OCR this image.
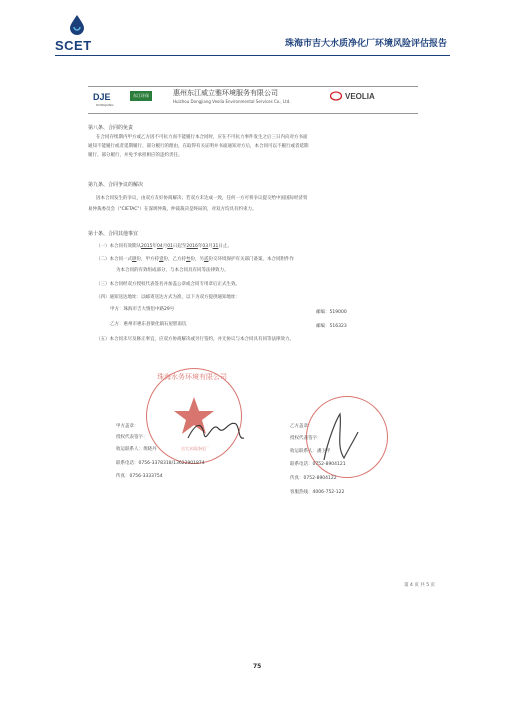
SCET	珠海市吉大水质净化厂环境风险评估报告
DJE
DONGJIANG
东江环保	惠州东江威立雅环境服务有限公司
Huizhou Dongjiang Veolia Environmental Services Co., Ltd.
VEOLIA
第八条、合同的免责
在合同存续期内甲方或乙方因不可抗力而不能履行本合同时，应在不可抗力事件发生之后三日内向对方书面
通知不能履行或者延期履行、部分履行的理由，在取得有关证明并书面通知对方后，本合同可以不履行或者延期
履行、部分履行，并免予承担相应的违约责任。
第九条、合同争议的解决
因本合同发生的争议，由双方友好协商解决；若双方未达成一致，任何一方可将争议提交给中国国际经济贸
易仲裁委员会（"CIETAC"）在深圳仲裁，仲裁裁决是终局的，对双方均具有约束力。
第十条、合同其他事宜
（一）本合同有效期从2015年04月01日起至2016年03月31日止。
（二）本合同一式肆份，甲方持壹份，乙方持叁份，另贰份交环境保护有关部门备案，本合同附件作
为本合同的有效组成部分，与本合同具有同等法律效力。
（三）本合同经双方授权代表签名并加盖公章或合同专用章后正式生效。
（四）通知送达地址：以邮寄送达方式为准，以下为双方提供通知地址：
甲方：珠海市吉大情侣中路29号
邮编：519000
乙方：惠州市惠东县梁化镇石屋胆南坑	邮编：516323
（五）本合同未尽及修正事宜，应双方协商解决或另行签约，并无协议与本合同具有同等法律效力。
珠海水务环境有限公司
吉大水质净化厂
甲方盖章：
授权代表签字：
收运联系人：黄晓丹
联系电话：0756-3378318/13622901874
传真：0756-3333754
乙方盖章：
授权代表签字：
收运联系人：潘卫平
联系电话：0752-8904121
传真：0752-8904122
客服热线：4006-752-122
第 4 页 共 5 页
75
